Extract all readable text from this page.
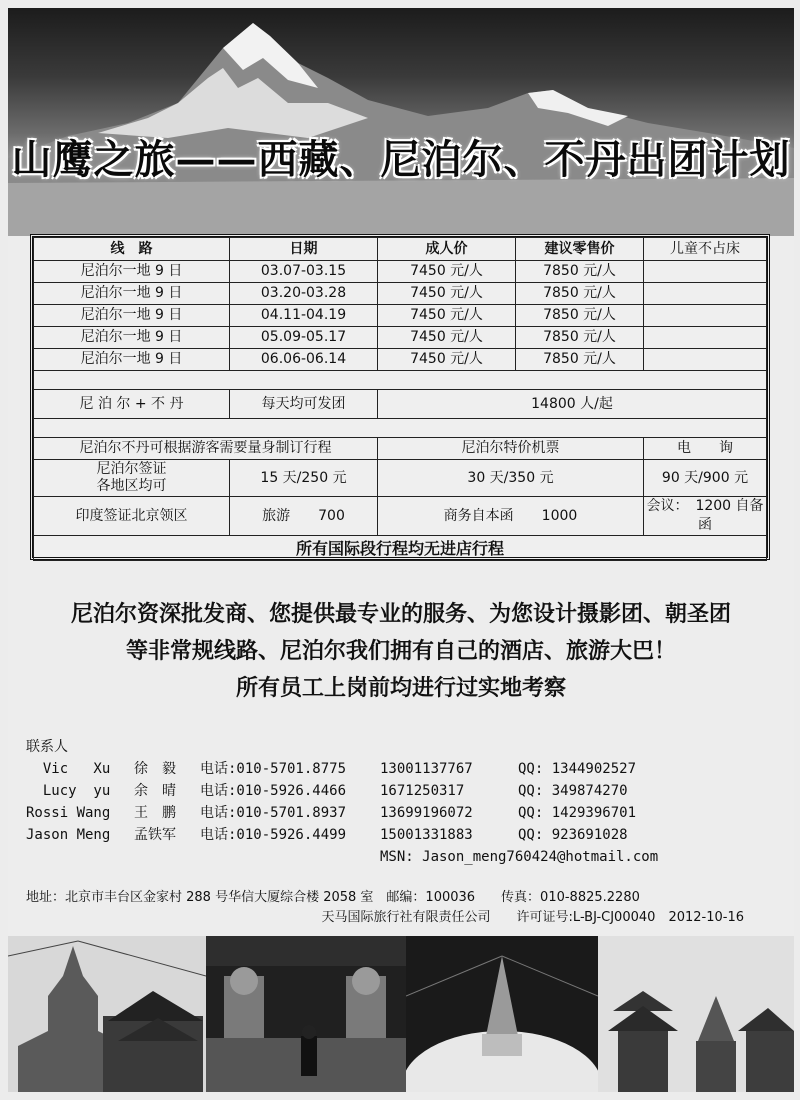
山鹰之旅——西藏、尼泊尔、不丹出团计划
线　路	日期	成人价	建议零售价	儿童不占床
尼泊尔一地 9 日	03.07-03.15	7450 元/人	7850 元/人	
尼泊尔一地 9 日	03.20-03.28	7450 元/人	7850 元/人	
尼泊尔一地 9 日	04.11-04.19	7450 元/人	7850 元/人	
尼泊尔一地 9 日	05.09-05.17	7450 元/人	7850 元/人	
尼泊尔一地 9 日	06.06-06.14	7450 元/人	7850 元/人	

尼 泊 尔 + 不 丹	每天均可发团	14800 人/起		

尼泊尔不丹可根据游客需要量身制订行程		尼泊尔特价机票		电　　询

尼泊尔签证
各地区均可	15 天/250 元	30 天/350 元		90 天/900 元
印度签证北京领区	旅游　　700	商务自本函　　1000		会议：　1200 自备函
所有国际段行程均无进店行程				
尼泊尔资深批发商、您提供最专业的服务、为您设计摄影团、朝圣团
等非常规线路、尼泊尔我们拥有自己的酒店、旅游大巴！
所有员工上岗前均进行过实地考察
联系人
Vic   Xu 徐　毅 电话:010-5701.8775 13001137767	QQ: 1344902527
Lucy  yu 余　晴 电话:010-5926.4466 1671250317	QQ: 349874270
Rossi Wang 王　鹏 电话:010-5701.8937 13699196072	QQ: 1429396701
Jason Meng 孟铁军 电话:010-5926.4499 15001331883	QQ: 923691028
MSN: Jason_meng760424@hotmail.com
地址：北京市丰台区金家村 288 号华信大厦综合楼 2058 室　邮编：100036　　传真：010-8825.2280
天马国际旅行社有限责任公司　　 许可证号:L-BJ-CJ00040　 2012-10-16
